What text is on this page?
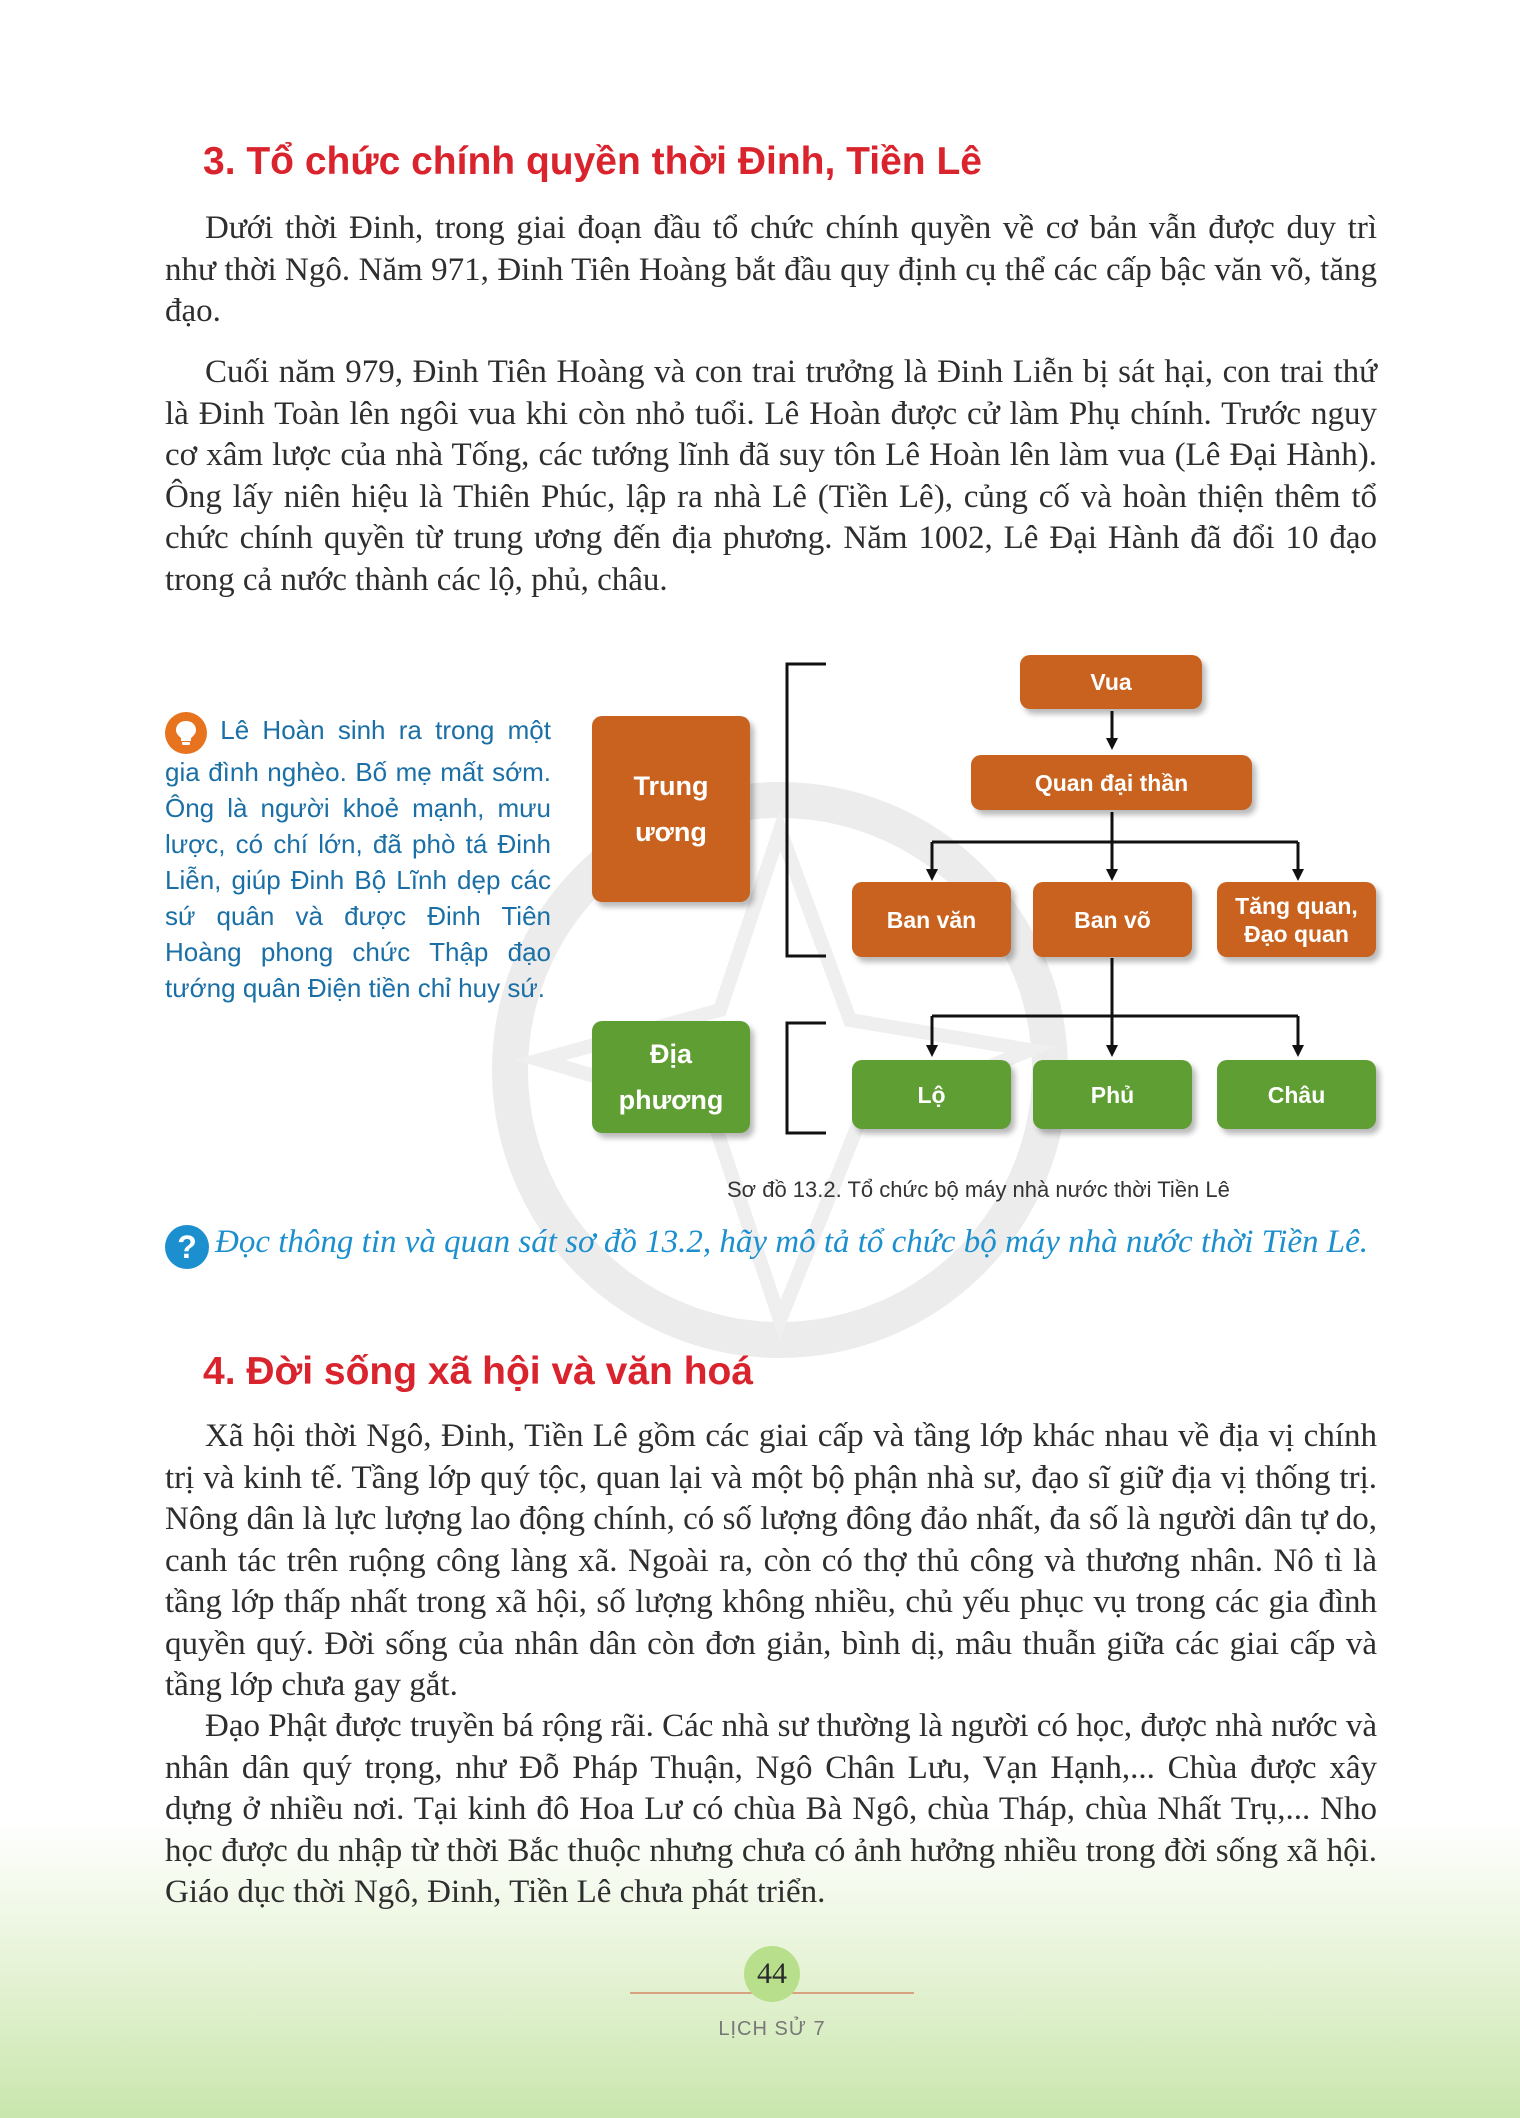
3. Tổ chức chính quyền thời Đinh, Tiền Lê

Dưới thời Đinh, trong giai đoạn đầu tổ chức chính quyền về cơ bản vẫn được duy trì như thời Ngô. Năm 971, Đinh Tiên Hoàng bắt đầu quy định cụ thể các cấp bậc văn võ, tăng đạo.

Cuối năm 979, Đinh Tiên Hoàng và con trai trưởng là Đinh Liễn bị sát hại, con trai thứ là Đinh Toàn lên ngôi vua khi còn nhỏ tuổi. Lê Hoàn được cử làm Phụ chính. Trước nguy cơ xâm lược của nhà Tống, các tướng lĩnh đã suy tôn Lê Hoàn lên làm vua (Lê Đại Hành). Ông lấy niên hiệu là Thiên Phúc, lập ra nhà Lê (Tiền Lê), củng cố và hoàn thiện thêm tổ chức chính quyền từ trung ương đến địa phương. Năm 1002, Lê Đại Hành đã đổi 10 đạo trong cả nước thành các lộ, phủ, châu.

Lê Hoàn sinh ra trong một gia đình nghèo. Bố mẹ mất sớm. Ông là người khoẻ mạnh, mưu lược, có chí lớn, đã phò tá Đinh Liễn, giúp Đinh Bộ Lĩnh dẹp các sứ quân và được Đinh Tiên Hoàng phong chức Thập đạo tướng quân Điện tiền chỉ huy sứ.

Trung
ương
Địa
phương
Vua
Quan đại thần
Ban văn	Ban võ
Tăng quan,
Đạo quan
Lộ	Phủ	Châu

Sơ đồ 13.2. Tổ chức bộ máy nhà nước thời Tiền Lê

? Đọc thông tin và quan sát sơ đồ 13.2, hãy mô tả tổ chức bộ máy nhà nước thời Tiền Lê.

4. Đời sống xã hội và văn hoá

Xã hội thời Ngô, Đinh, Tiền Lê gồm các giai cấp và tầng lớp khác nhau về địa vị chính trị và kinh tế. Tầng lớp quý tộc, quan lại và một bộ phận nhà sư, đạo sĩ giữ địa vị thống trị. Nông dân là lực lượng lao động chính, có số lượng đông đảo nhất, đa số là người dân tự do, canh tác trên ruộng công làng xã. Ngoài ra, còn có thợ thủ công và thương nhân. Nô tì là tầng lớp thấp nhất trong xã hội, số lượng không nhiều, chủ yếu phục vụ trong các gia đình quyền quý. Đời sống của nhân dân còn đơn giản, bình dị, mâu thuẫn giữa các giai cấp và tầng lớp chưa gay gắt.

Đạo Phật được truyền bá rộng rãi. Các nhà sư thường là người có học, được nhà nước và nhân dân quý trọng, như Đỗ Pháp Thuận, Ngô Chân Lưu, Vạn Hạnh,... Chùa được xây dựng ở nhiều nơi. Tại kinh đô Hoa Lư có chùa Bà Ngô, chùa Tháp, chùa Nhất Trụ,... Nho học được du nhập từ thời Bắc thuộc nhưng chưa có ảnh hưởng nhiều trong đời sống xã hội. Giáo dục thời Ngô, Đinh, Tiền Lê chưa phát triển.

44
LỊCH SỬ 7
